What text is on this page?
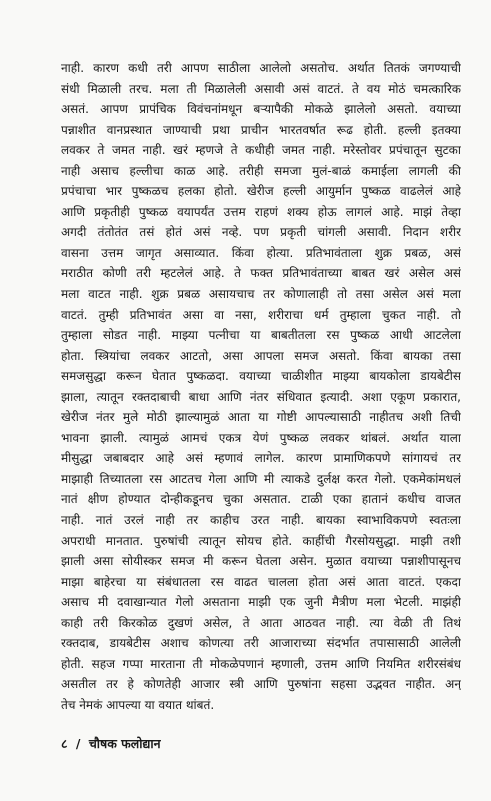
नाही. कारण कधी तरी आपण साठीला आलेलो असतोच. अर्थात तितकं जगण्याची
संधी मिळाली तरच. मला ती मिळालेली असावी असं वाटतं. ते वय मोठं चमत्कारिक
असतं. आपण प्रापंचिक विवंचनांमधून बऱ्यापैकी मोकळे झालेलो असतो. वयाच्या
पन्नाशीत वानप्रस्थात जाण्याची प्रथा प्राचीन भारतवर्षात रूढ होती. हल्ली इतक्या
लवकर ते जमत नाही. खरं म्हणजे ते कधीही जमत नाही. मरेस्तोवर प्रपंचातून सुटका
नाही असाच हल्लीचा काळ आहे. तरीही समजा मुलं-बाळं कमाईला लागली की
प्रपंचाचा भार पुष्कळच हलका होतो. खेरीज हल्ली आयुर्मान पुष्कळ वाढलेलं आहे
आणि प्रकृतीही पुष्कळ वयापर्यंत उत्तम राहणं शक्य होऊ लागलं आहे. माझं तेव्हा
अगदी तंतोतंत तसं होतं असं नव्हे. पण प्रकृती चांगली असावी. निदान शरीर
वासना उत्तम जागृत असाव्यात. किंवा होत्या. प्रतिभावंताला शुक्र प्रबळ, असं
मराठीत कोणी तरी म्हटलेलं आहे. ते फक्त प्रतिभावंताच्या बाबत खरं असेल असं
मला वाटत नाही. शुक्र प्रबळ असायचाच तर कोणालाही तो तसा असेल असं मला
वाटतं. तुम्ही प्रतिभावंत असा वा नसा, शरीराचा धर्म तुम्हाला चुकत नाही. तो
तुम्हाला सोडत नाही. माझ्या पत्नीचा या बाबतीतला रस पुष्कळ आधी आटलेला
होता. स्त्रियांचा लवकर आटतो, असा आपला समज असतो. किंवा बायका तसा
समजसुद्धा करून घेतात पुष्कळदा. वयाच्या चाळीशीत माझ्या बायकोला डायबेटीस
झाला, त्यातून रक्तदाबाची बाधा आणि नंतर संधिवात इत्यादी. अशा एकूण प्रकारात,
खेरीज नंतर मुले मोठी झाल्यामुळं आता या गोष्टी आपल्यासाठी नाहीतच अशी तिची
भावना झाली. त्यामुळं आमचं एकत्र येणं पुष्कळ लवकर थांबलं. अर्थात याला
मीसुद्धा जबाबदार आहे असं म्हणावं लागेल. कारण प्रामाणिकपणे सांगायचं तर
माझाही तिच्यातला रस आटतच गेला आणि मी त्याकडे दुर्लक्ष करत गेलो. एकमेकांमधलं
नातं क्षीण होण्यात दोन्हीकडूनच चुका असतात. टाळी एका हातानं कधीच वाजत
नाही. नातं उरलं नाही तर काहीच उरत नाही. बायका स्वाभाविकपणे स्वतःला
अपराधी मानतात. पुरुषांची त्यातून सोयच होते. काहींची गैरसोयसुद्धा. माझी तशी
झाली असा सोयीस्कर समज मी करून घेतला असेन. मुळात वयाच्या पन्नाशीपासूनच
माझा बाहेरचा या संबंधातला रस वाढत चालला होता असं आता वाटतं. एकदा
असाच मी दवाखान्यात गेलो असताना माझी एक जुनी मैत्रीण मला भेटली. माझंही
काही तरी किरकोळ दुखणं असेल, ते आता आठवत नाही. त्या वेळी ती तिथं
रक्तदाब, डायबेटीस अशाच कोणत्या तरी आजाराच्या संदर्भात तपासासाठी आलेली
होती. सहज गप्पा मारताना ती मोकळेपणानं म्हणाली, उत्तम आणि नियमित शरीरसंबंध
असतील तर हे कोणतेही आजार स्त्री आणि पुरुषांना सहसा उद्भवत नाहीत. अन्
तेच नेमकं आपल्या या वयात थांबतं.
८ / चौषक फलोद्यान
